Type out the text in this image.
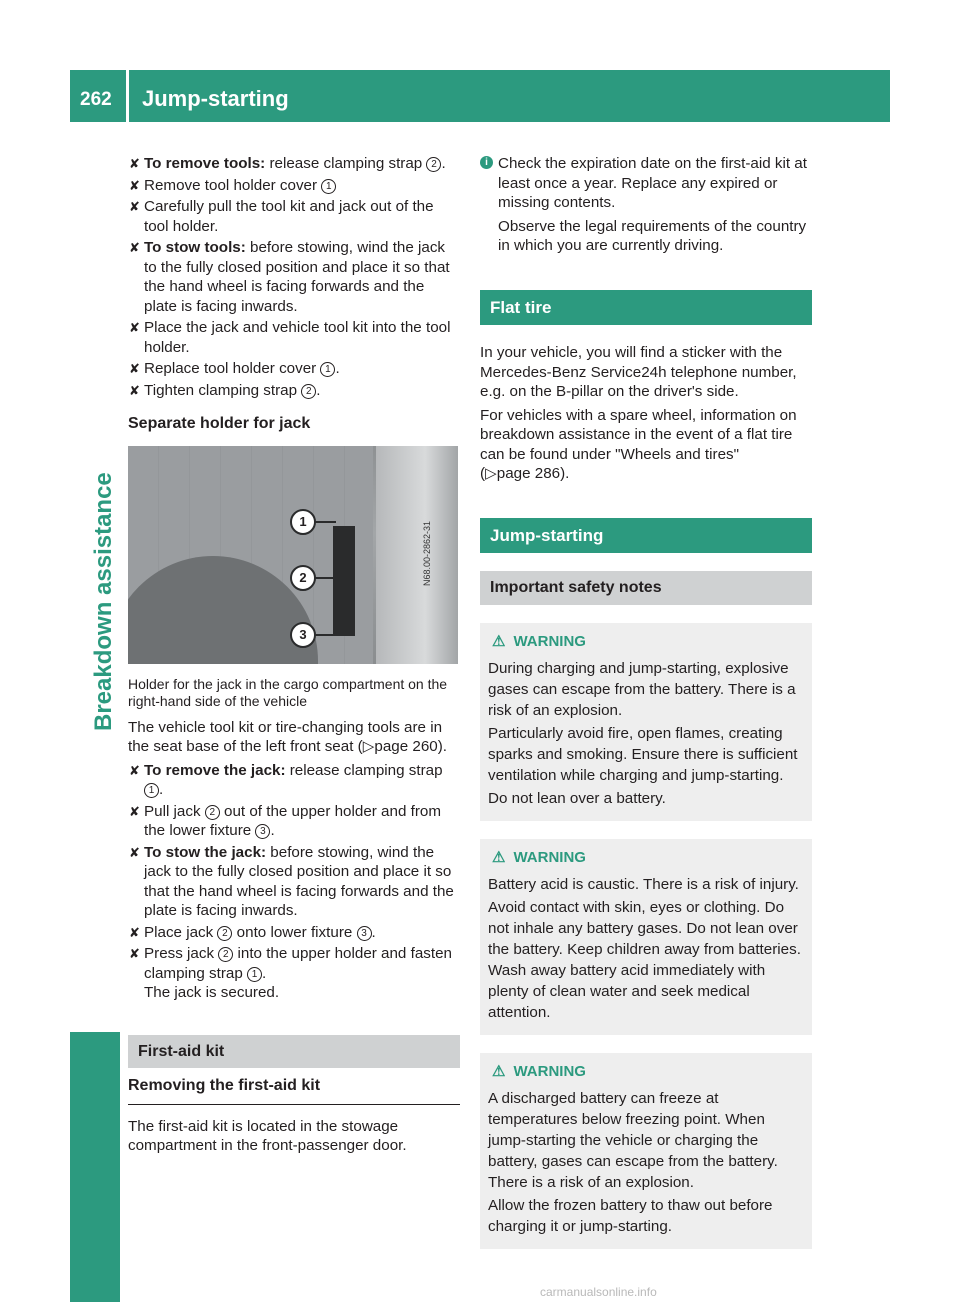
262 Jump-starting
Breakdown assistance
✘ To remove tools: release clamping strap 2 .
✘ Remove tool holder cover 1
✘ Carefully pull the tool kit and jack out of the tool holder.
✘ To stow tools: before stowing, wind the jack to the fully closed position and place it so that the hand wheel is facing forwards and the plate is facing inwards.
✘ Place the jack and vehicle tool kit into the tool holder.
✘ Replace tool holder cover 1 .
✘ Tighten clamping strap 2 .
Separate holder for jack
1
2
3
N68.00-2862-31
Holder for the jack in the cargo compartment on the right-hand side of the vehicle
The vehicle tool kit or tire-changing tools are in the seat base of the left front seat (▷page 260).
✘ To remove the jack: release clamping strap 1 .
✘ Pull jack 2 out of the upper holder and from the lower fixture 3 .
✘ To stow the jack: before stowing, wind the jack to the fully closed position and place it so that the hand wheel is facing forwards and the plate is facing inwards.
✘ Place jack 2 onto lower fixture 3 .
✘ Press jack 2 into the upper holder and fasten clamping strap 1 .
The jack is secured.
First-aid kit
Removing the first-aid kit
The first-aid kit is located in the stowage compartment in the front-passenger door.
i Check the expiration date on the first-aid kit at least once a year. Replace any expired or missing contents.
Observe the legal requirements of the country in which you are currently driving.
Flat tire
In your vehicle, you will find a sticker with the Mercedes-Benz Service24h telephone number, e.g. on the B-pillar on the driver's side.
For vehicles with a spare wheel, information on breakdown assistance in the event of a flat tire can be found under "Wheels and tires"
(▷page 286).
Jump-starting
Important safety notes
⚠ WARNING
During charging and jump-starting, explosive gases can escape from the battery. There is a risk of an explosion.
Particularly avoid fire, open flames, creating sparks and smoking. Ensure there is sufficient ventilation while charging and jump-starting.
Do not lean over a battery.
⚠ WARNING
Battery acid is caustic. There is a risk of injury.
Avoid contact with skin, eyes or clothing. Do not inhale any battery gases. Do not lean over the battery. Keep children away from batteries. Wash away battery acid immediately with plenty of clean water and seek medical attention.
⚠ WARNING
A discharged battery can freeze at temperatures below freezing point. When jump-starting the vehicle or charging the battery, gases can escape from the battery. There is a risk of an explosion.
Allow the frozen battery to thaw out before charging it or jump-starting.
carmanualsonline.info
